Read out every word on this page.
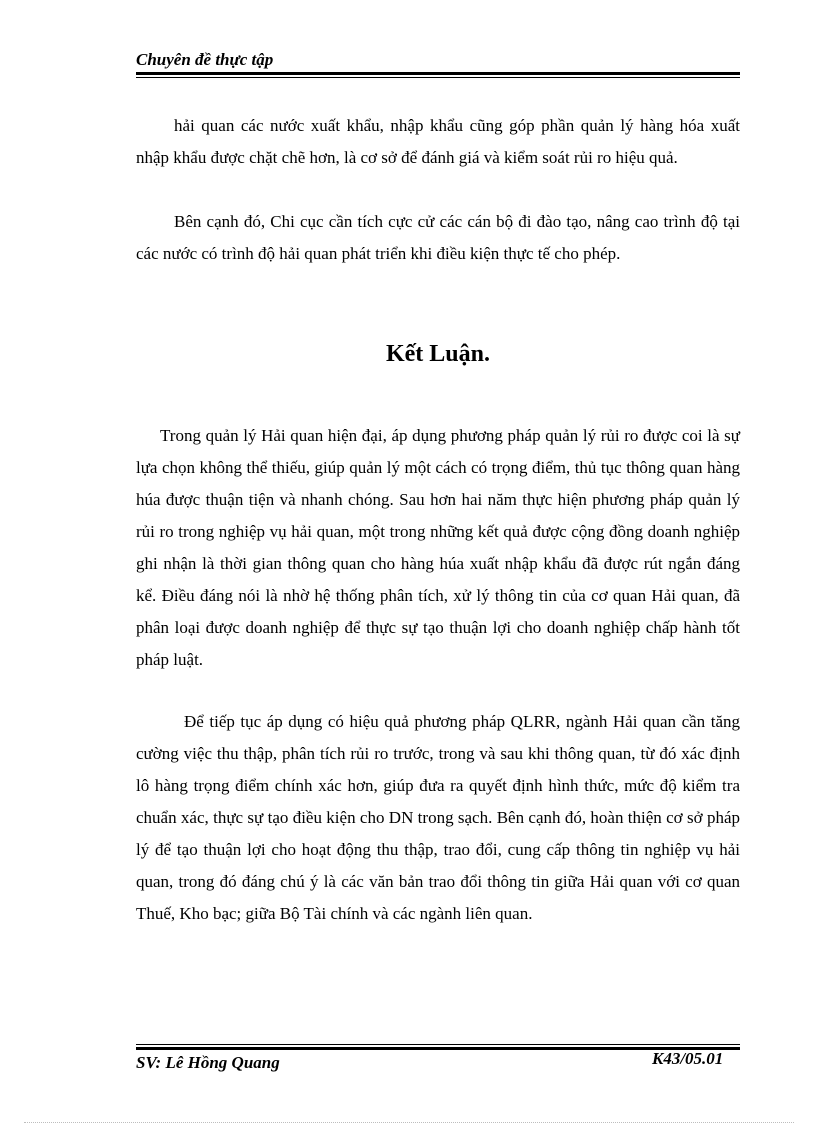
Chuyên đề thực tập

hải quan các nước xuất khẩu, nhập khẩu cũng góp phần quản lý hàng hóa xuất nhập khẩu được chặt chẽ hơn, là cơ sở để đánh giá và kiểm soát rủi ro hiệu quả.

Bên cạnh đó, Chi cục cần tích cực cử các cán bộ đi đào tạo, nâng cao trình độ tại các nước có trình độ hải quan phát triển khi điều kiện thực tế cho phép.

Kết Luận.

Trong quản lý Hải quan hiện đại, áp dụng phương pháp quản lý rủi ro được coi là sự lựa chọn không thể thiếu, giúp quản lý một cách có trọng điểm, thủ tục thông quan hàng húa được thuận tiện và nhanh chóng. Sau hơn hai năm thực hiện phương pháp quản lý rủi ro trong nghiệp vụ hải quan, một trong những kết quả được cộng đồng doanh nghiệp ghi nhận là thời gian thông quan cho hàng húa xuất nhập khẩu đã được rút ngắn đáng kể. Điều đáng nói là nhờ hệ thống phân tích, xử lý thông tin của cơ quan Hải quan, đã phân loại được doanh nghiệp để thực sự tạo thuận lợi cho doanh nghiệp chấp hành tốt pháp luật.

Để tiếp tục áp dụng có hiệu quả phương pháp QLRR, ngành Hải quan cần tăng cường việc thu thập, phân tích rủi ro trước, trong và sau khi thông quan, từ đó xác định lô hàng trọng điểm chính xác hơn, giúp đưa ra quyết định hình thức, mức độ kiểm tra chuẩn xác, thực sự tạo điều kiện cho DN trong sạch. Bên cạnh đó, hoàn thiện cơ sở pháp lý để tạo thuận lợi cho hoạt động thu thập, trao đổi, cung cấp thông tin nghiệp vụ hải quan, trong đó đáng chú ý là các văn bản trao đổi thông tin giữa Hải quan với cơ quan Thuế, Kho bạc; giữa Bộ Tài chính và các ngành liên quan.

SV: Lê Hồng Quang	K43/05.01
